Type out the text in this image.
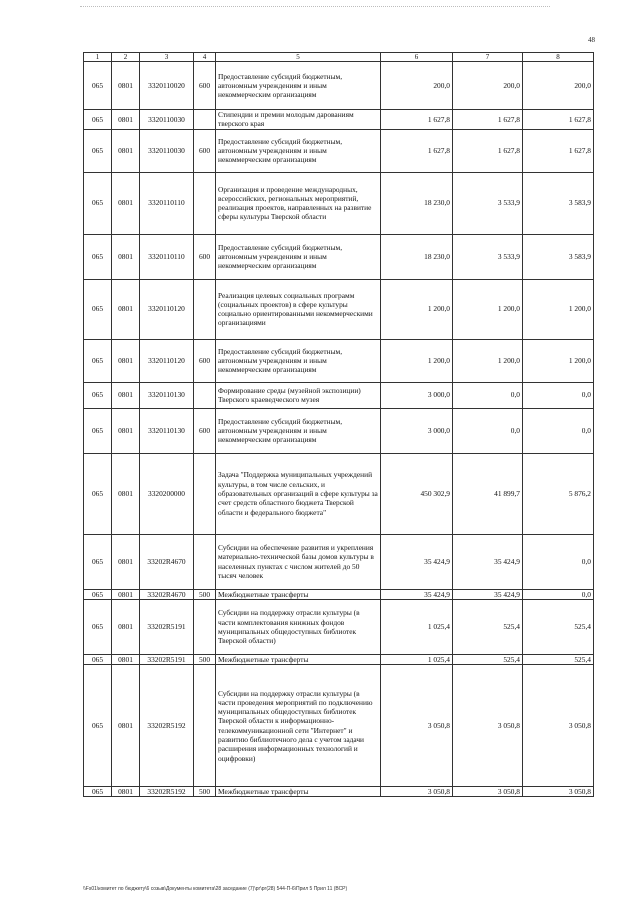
48
1	2	3	4	5	6	7	8
065	0801	3320110020	600	Предоставление субсидий бюджетным, автономным учреждениям и иным некоммерческим организациям	200,0	200,0	200,0
065	0801	3320110030		Стипендии и премии молодым дарованиям тверского края	1 627,8	1 627,8	1 627,8
065	0801	3320110030	600	Предоставление субсидий бюджетным, автономным учреждениям и иным некоммерческим организациям	1 627,8	1 627,8	1 627,8
065	0801	3320110110		Организация и проведение международных, всероссийских, региональных мероприятий, реализация проектов, направленных на развитие сферы культуры Тверской области	18 230,0	3 533,9	3 583,9
065	0801	3320110110	600	Предоставление субсидий бюджетным, автономным учреждениям и иным некоммерческим организациям	18 230,0	3 533,9	3 583,9
065	0801	3320110120		Реализация целевых социальных программ (социальных проектов) в сфере культуры социально ориентированными некоммерческими организациями	1 200,0	1 200,0	1 200,0
065	0801	3320110120	600	Предоставление субсидий бюджетным, автономным учреждениям и иным некоммерческим организациям	1 200,0	1 200,0	1 200,0
065	0801	3320110130		Формирование среды (музейной экспозиции) Тверского краеведческого музея	3 000,0	0,0	0,0
065	0801	3320110130	600	Предоставление субсидий бюджетным, автономным учреждениям и иным некоммерческим организациям	3 000,0	0,0	0,0
065	0801	3320200000		Задача "Поддержка муниципальных учреждений культуры, в том числе сельских, и образовательных организаций в сфере культуры за счет средств областного бюджета Тверской области и федерального бюджета"	450 302,9	41 899,7	5 876,2
065	0801	33202R4670		Субсидии на обеспечение развития и укрепления материально-технической базы домов культуры в населенных пунктах с числом жителей до 50 тысяч человек	35 424,9	35 424,9	0,0
065	0801	33202R4670	500	Межбюджетные трансферты	35 424,9	35 424,9	0,0
065	0801	33202R5191		Субсидии на поддержку отрасли культуры (в части комплектования книжных фондов муниципальных общедоступных библиотек Тверской области)	1 025,4	525,4	525,4
065	0801	33202R5191	500	Межбюджетные трансферты	1 025,4	525,4	525,4
065	0801	33202R5192		Субсидии на поддержку отрасли культуры (в части проведения мероприятий по подключению муниципальных общедоступных библиотек Тверской области к информационно-телекоммуникационной сети "Интернет" и развитию библиотечного дела с учетом задачи расширения информационных технологий и оцифровки)	3 050,8	3 050,8	3 050,8
065	0801	33202R5192	500	Межбюджетные трансферты	3 050,8	3 050,8	3 050,8
\\Fs01\комитет по бюджету\6 созыв\Документы комитета\28 заседание (7)\рг\рг(28) 544-П-6\Прил 5 Прил 11 (ВСР)
